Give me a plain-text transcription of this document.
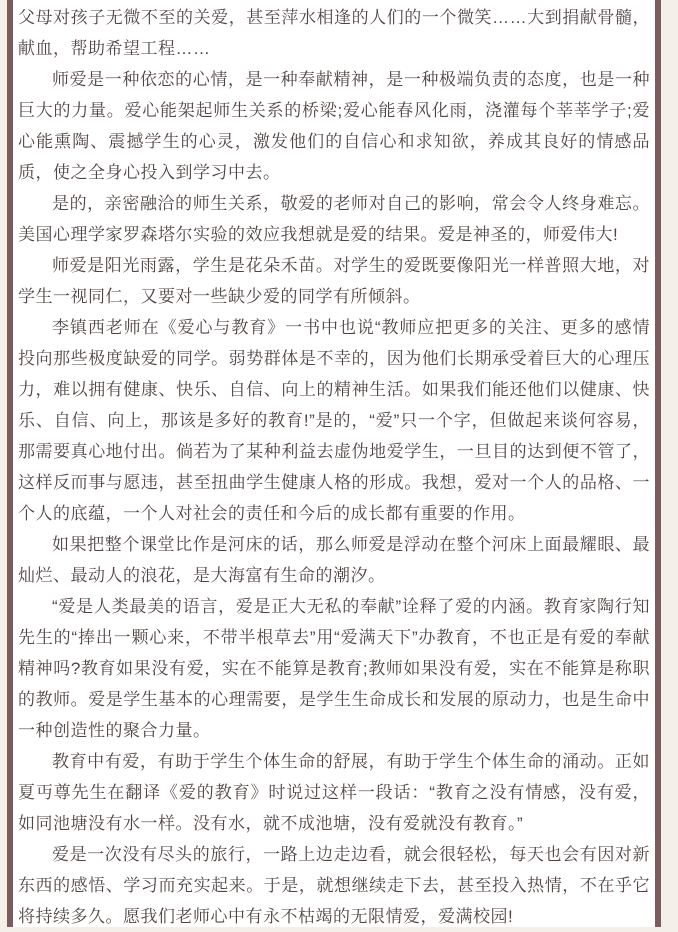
父母对孩子无微不至的关爱，甚至萍水相逢的人们的一个微笑……大到捐献骨髓，献血，帮助希望工程……

师爱是一种依恋的心情，是一种奉献精神，是一种极端负责的态度，也是一种巨大的力量。爱心能架起师生关系的桥梁;爱心能春风化雨，浇灌每个莘莘学子;爱心能熏陶、震撼学生的心灵，激发他们的自信心和求知欲，养成其良好的情感品质，使之全身心投入到学习中去。

是的，亲密融洽的师生关系，敬爱的老师对自己的影响，常会令人终身难忘。美国心理学家罗森塔尔实验的效应我想就是爱的结果。爱是神圣的，师爱伟大!

师爱是阳光雨露，学生是花朵禾苗。对学生的爱既要像阳光一样普照大地，对学生一视同仁，又要对一些缺少爱的同学有所倾斜。

李镇西老师在《爱心与教育》一书中也说“教师应把更多的关注、更多的感情投向那些极度缺爱的同学。弱势群体是不幸的，因为他们长期承受着巨大的心理压力，难以拥有健康、快乐、自信、向上的精神生活。如果我们能还他们以健康、快乐、自信、向上，那该是多好的教育!”是的，“爱”只一个字，但做起来谈何容易，那需要真心地付出。倘若为了某种利益去虚伪地爱学生，一旦目的达到便不管了，这样反而事与愿违，甚至扭曲学生健康人格的形成。我想，爱对一个人的品格、一个人的底蕴，一个人对社会的责任和今后的成长都有重要的作用。

如果把整个课堂比作是河床的话，那么师爱是浮动在整个河床上面最耀眼、最灿烂、最动人的浪花，是大海富有生命的潮汐。

“爱是人类最美的语言，爱是正大无私的奉献”诠释了爱的内涵。教育家陶行知先生的“捧出一颗心来，不带半根草去”用“爱满天下”办教育，不也正是有爱的奉献精神吗?教育如果没有爱，实在不能算是教育;教师如果没有爱，实在不能算是称职的教师。爱是学生基本的心理需要，是学生生命成长和发展的原动力，也是生命中一种创造性的聚合力量。

教育中有爱，有助于学生个体生命的舒展，有助于学生个体生命的涌动。正如夏丏尊先生在翻译《爱的教育》时说过这样一段话：“教育之没有情感，没有爱，如同池塘没有水一样。没有水，就不成池塘，没有爱就没有教育。”

爱是一次没有尽头的旅行，一路上边走边看，就会很轻松，每天也会有因对新东西的感悟、学习而充实起来。于是，就想继续走下去，甚至投入热情，不在乎它将持续多久。愿我们老师心中有永不枯竭的无限情爱，爱满校园!
